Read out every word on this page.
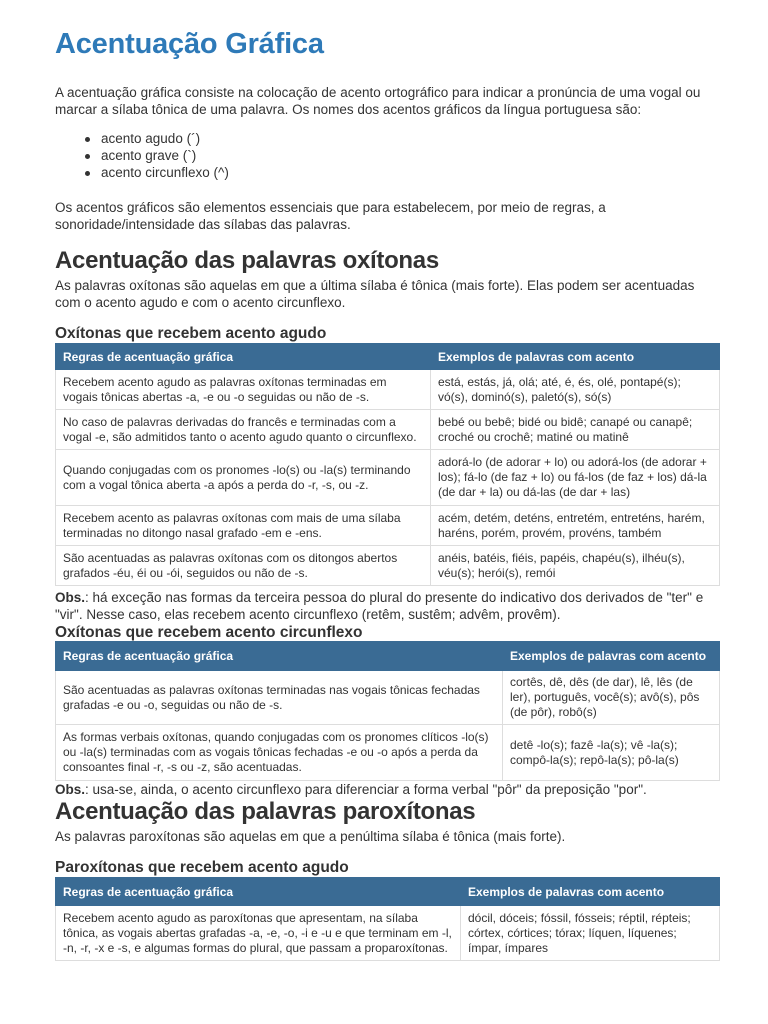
Acentuação Gráfica
A acentuação gráfica consiste na colocação de acento ortográfico para indicar a pronúncia de uma vogal ou marcar a sílaba tônica de uma palavra. Os nomes dos acentos gráficos da língua portuguesa são:
acento agudo (´)
acento grave (`)
acento circunflexo (^)
Os acentos gráficos são elementos essenciais que para estabelecem, por meio de regras, a sonoridade/intensidade das sílabas das palavras.
Acentuação das palavras oxítonas
As palavras oxítonas são aquelas em que a última sílaba é tônica (mais forte). Elas podem ser acentuadas com o acento agudo e com o acento circunflexo.
Oxítonas que recebem acento agudo
Regras de acentuação gráfica	Exemplos de palavras com acento
Recebem acento agudo as palavras oxítonas terminadas em vogais tônicas abertas -a, -e ou -o seguidas ou não de -s.	está, estás, já, olá; até, é, és, olé, pontapé(s); vó(s), dominó(s), paletó(s), só(s)
No caso de palavras derivadas do francês e terminadas com a vogal -e, são admitidos tanto o acento agudo quanto o circunflexo.	bebé ou bebê; bidé ou bidê; canapé ou canapê; croché ou crochê; matiné ou matinê
Quando conjugadas com os pronomes -lo(s) ou -la(s) terminando com a vogal tônica aberta -a após a perda do -r, -s, ou -z.	adorá-lo (de adorar + lo) ou adorá-los (de adorar + los); fá-lo (de faz + lo) ou fá-los (de faz + los) dá-la (de dar + la) ou dá-las (de dar + las)
Recebem acento as palavras oxítonas com mais de uma sílaba terminadas no ditongo nasal grafado -em e -ens.	acém, detém, deténs, entretém, entreténs, harém, haréns, porém, provém, provéns, também
São acentuadas as palavras oxítonas com os ditongos abertos grafados -éu, éi ou -ói, seguidos ou não de -s.	anéis, batéis, fiéis, papéis, chapéu(s), ilhéu(s), véu(s); herói(s), remói
Obs.: há exceção nas formas da terceira pessoa do plural do presente do indicativo dos derivados de "ter" e "vir". Nesse caso, elas recebem acento circunflexo (retêm, sustêm; advêm, provêm).
Oxítonas que recebem acento circunflexo
Regras de acentuação gráfica	Exemplos de palavras com acento
São acentuadas as palavras oxítonas terminadas nas vogais tônicas fechadas grafadas -e ou -o, seguidas ou não de -s.	cortês, dê, dês (de dar), lê, lês (de ler), português, você(s); avô(s), pôs (de pôr), robô(s)
As formas verbais oxítonas, quando conjugadas com os pronomes clíticos -lo(s) ou -la(s) terminadas com as vogais tônicas fechadas -e ou -o após a perda da consoantes final -r, -s ou -z, são acentuadas.	detê -lo(s); fazê -la(s); vê -la(s); compô-la(s); repô-la(s); pô-la(s)
Obs.: usa-se, ainda, o acento circunflexo para diferenciar a forma verbal "pôr" da preposição "por".
Acentuação das palavras paroxítonas
As palavras paroxítonas são aquelas em que a penúltima sílaba é tônica (mais forte).
Paroxítonas que recebem acento agudo
Regras de acentuação gráfica	Exemplos de palavras com acento
Recebem acento agudo as paroxítonas que apresentam, na sílaba tônica, as vogais abertas grafadas -a, -e, -o, -i e -u e que terminam em -l, -n, -r, -x e -s, e algumas formas do plural, que passam a proparoxítonas.	dócil, dóceis; fóssil, fósseis; réptil, répteis; córtex, córtices; tórax; líquen, líquenes; ímpar, ímpares
